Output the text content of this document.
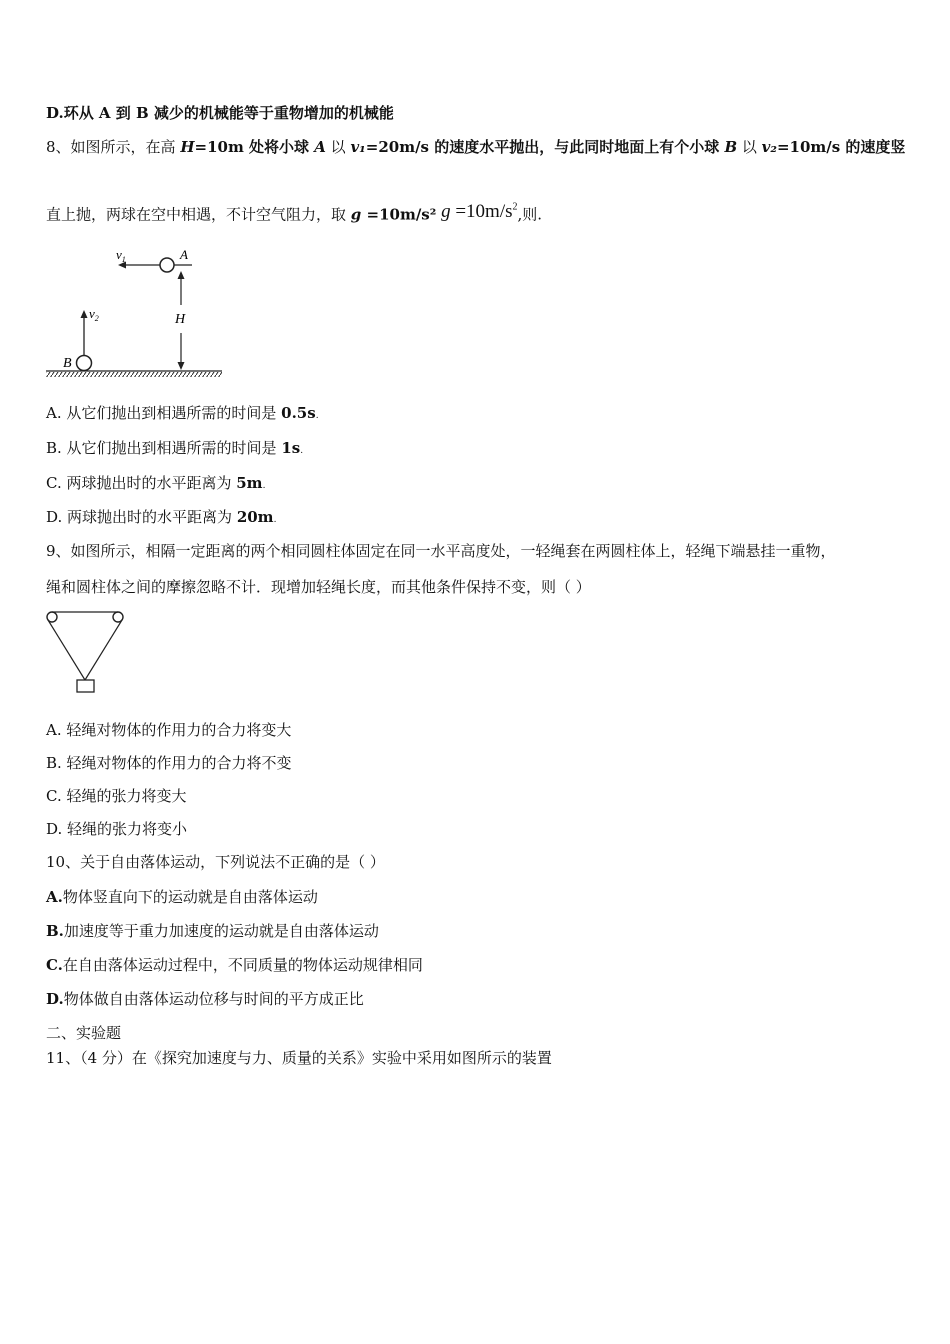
D.环从 A 到 B 减少的机械能等于重物增加的机械能
8、如图所示，在高 H=10m 处将小球 A 以 v₁=20m/s 的速度水平抛出，与此同时地面上有个小球 B 以 v₂=10m/s 的速度竖
直上抛，两球在空中相遇，不计空气阻力，取 g =10m/s² $g =10m/s^2$,则.
$v_1$	A
H
B
$v_2$
A. 从它们抛出到相遇所需的时间是 0.5s.
B. 从它们抛出到相遇所需的时间是 1s.
C. 两球抛出时的水平距离为 5m.
D. 两球抛出时的水平距离为 20m.
9、如图所示，相隔一定距离的两个相同圆柱体固定在同一水平高度处，一轻绳套在两圆柱体上，轻绳下端悬挂一重物，
绳和圆柱体之间的摩擦忽略不计．现增加轻绳长度，而其他条件保持不变，则（ ）
A. 轻绳对物体的作用力的合力将变大
B. 轻绳对物体的作用力的合力将不变
C. 轻绳的张力将变大
D. 轻绳的张力将变小
10、关于自由落体运动，下列说法不正确的是（ ）
A.物体竖直向下的运动就是自由落体运动
B.加速度等于重力加速度的运动就是自由落体运动
C.在自由落体运动过程中，不同质量的物体运动规律相同
D.物体做自由落体运动位移与时间的平方成正比
二、实验题
11、（4 分）在《探究加速度与力、质量的关系》实验中采用如图所示的装置
